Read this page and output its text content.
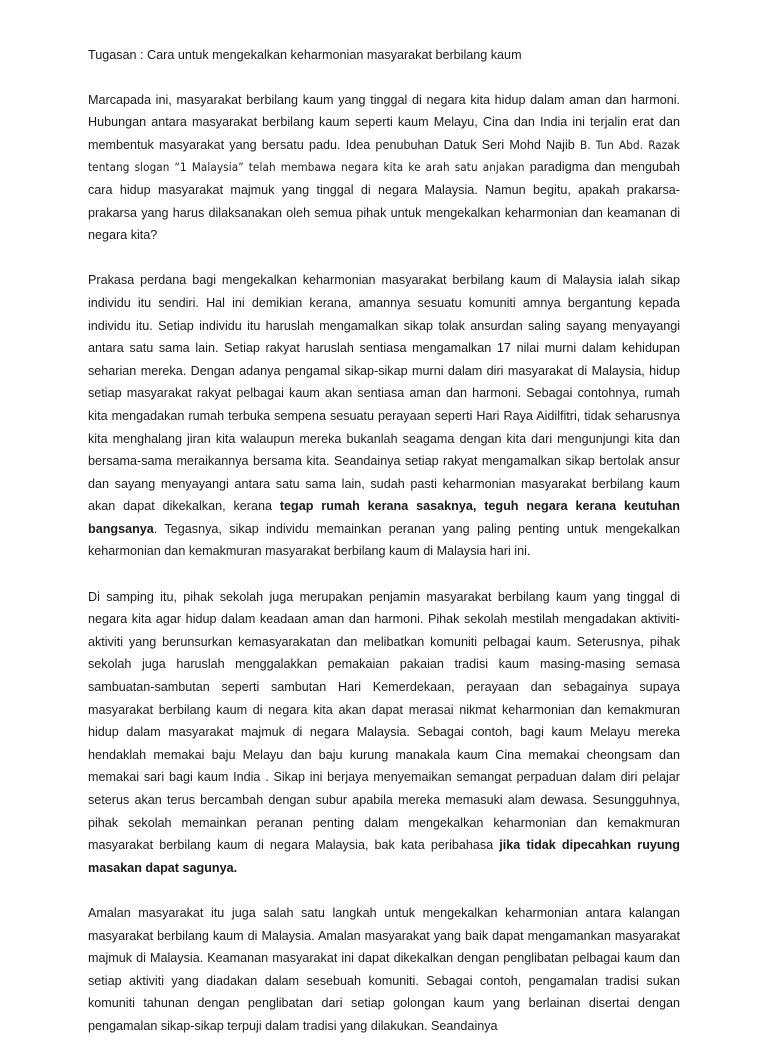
Tugasan : Cara untuk mengekalkan keharmonian masyarakat berbilang kaum

Marcapada ini, masyarakat berbilang kaum yang tinggal di negara kita hidup dalam aman dan harmoni. Hubungan antara masyarakat berbilang kaum seperti kaum Melayu, Cina dan India ini terjalin erat dan membentuk masyarakat yang bersatu padu. Idea penubuhan Datuk Seri Mohd Najib B. Tun Abd. Razak tentang slogan “1 Malaysia” telah membawa negara kita ke arah satu anjakan paradigma dan mengubah cara hidup masyarakat majmuk yang tinggal di negara Malaysia. Namun begitu, apakah prakarsa-prakarsa yang harus dilaksanakan oleh semua pihak untuk mengekalkan keharmonian dan keamanan di negara kita?

Prakasa perdana bagi mengekalkan keharmonian masyarakat berbilang kaum di Malaysia ialah sikap individu itu sendiri. Hal ini demikian kerana, amannya sesuatu komuniti amnya bergantung kepada individu itu. Setiap individu itu haruslah mengamalkan sikap tolak ansurdan saling sayang menyayangi antara satu sama lain. Setiap rakyat haruslah sentiasa mengamalkan 17 nilai murni dalam kehidupan seharian mereka. Dengan adanya pengamal sikap-sikap murni dalam diri masyarakat di Malaysia, hidup setiap masyarakat rakyat pelbagai kaum akan sentiasa aman dan harmoni. Sebagai contohnya, rumah kita mengadakan rumah terbuka sempena sesuatu perayaan seperti Hari Raya Aidilfitri, tidak seharusnya kita menghalang jiran kita walaupun mereka bukanlah seagama dengan kita dari mengunjungi kita dan bersama-sama meraikannya bersama kita. Seandainya setiap rakyat mengamalkan sikap bertolak ansur dan sayang menyayangi antara satu sama lain, sudah pasti keharmonian masyarakat berbilang kaum akan dapat dikekalkan, kerana tegap rumah kerana sasaknya, teguh negara kerana keutuhan bangsanya. Tegasnya, sikap individu memainkan peranan yang paling penting untuk mengekalkan keharmonian dan kemakmuran masyarakat berbilang kaum di Malaysia hari ini.

Di samping itu, pihak sekolah juga merupakan penjamin masyarakat berbilang kaum yang tinggal di negara kita agar hidup dalam keadaan aman dan harmoni. Pihak sekolah mestilah mengadakan aktiviti-aktiviti yang berunsurkan kemasyarakatan dan melibatkan komuniti pelbagai kaum. Seterusnya, pihak sekolah juga haruslah menggalakkan pemakaian pakaian tradisi kaum masing-masing semasa sambuatan-sambutan seperti sambutan Hari Kemerdekaan, perayaan dan sebagainya supaya masyarakat berbilang kaum di negara kita akan dapat merasai nikmat keharmonian dan kemakmuran hidup dalam masyarakat majmuk di negara Malaysia. Sebagai contoh, bagi kaum Melayu mereka hendaklah memakai baju Melayu dan baju kurung manakala kaum Cina memakai cheongsam dan memakai sari bagi kaum India . Sikap ini berjaya menyemaikan semangat perpaduan dalam diri pelajar seterus akan terus bercambah dengan subur apabila mereka memasuki alam dewasa. Sesungguhnya, pihak sekolah memainkan peranan penting dalam mengekalkan keharmonian dan kemakmuran masyarakat berbilang kaum di negara Malaysia, bak kata peribahasa jika tidak dipecahkan ruyung masakan dapat sagunya.

Amalan masyarakat itu juga salah satu langkah untuk mengekalkan keharmonian antara kalangan masyarakat berbilang kaum di Malaysia. Amalan masyarakat yang baik dapat mengamankan masyarakat majmuk di Malaysia. Keamanan masyarakat ini dapat dikekalkan dengan penglibatan pelbagai kaum dan setiap aktiviti yang diadakan dalam sesebuah komuniti. Sebagai contoh, pengamalan tradisi sukan komuniti tahunan dengan penglibatan dari setiap golongan kaum yang berlainan disertai dengan pengamalan sikap-sikap terpuji dalam tradisi yang dilakukan. Seandainya
